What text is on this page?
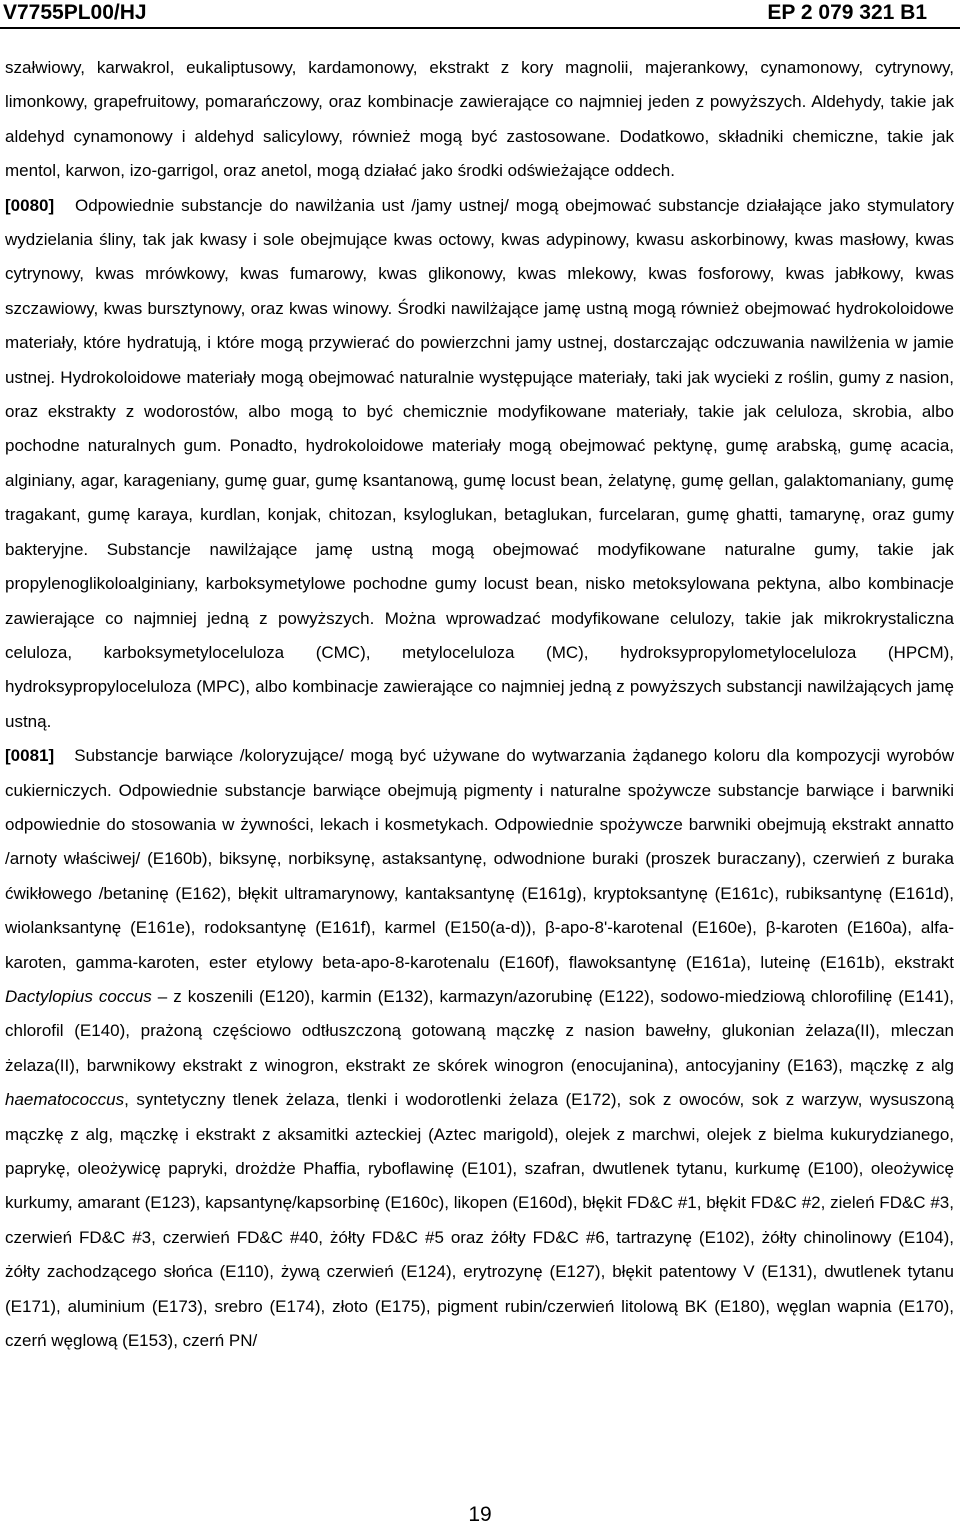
V7755PL00/HJ	EP 2 079 321 B1

szałwiowy, karwakrol, eukaliptusowy, kardamonowy, ekstrakt z kory magnolii, majerankowy, cynamonowy, cytrynowy, limonkowy, grapefruitowy, pomarańczowy, oraz kombinacje zawierające co najmniej jeden z powyższych. Aldehydy, takie jak aldehyd cynamonowy i aldehyd salicylowy, również mogą być zastosowane. Dodatkowo, składniki chemiczne, takie jak mentol, karwon, izo-garrigol, oraz anetol, mogą działać jako środki odświeżające oddech.

[0080] Odpowiednie substancje do nawilżania ust /jamy ustnej/ mogą obejmować substancje działające jako stymulatory wydzielania śliny, tak jak kwasy i sole obejmujące kwas octowy, kwas adypinowy, kwasu askorbinowy, kwas masłowy, kwas cytrynowy, kwas mrówkowy, kwas fumarowy, kwas glikonowy, kwas mlekowy, kwas fosforowy, kwas jabłkowy, kwas szczawiowy, kwas bursztynowy, oraz kwas winowy. Środki nawilżające jamę ustną mogą również obejmować hydrokoloidowe materiały, które hydratują, i które mogą przywierać do powierzchni jamy ustnej, dostarczając odczuwania nawilżenia w jamie ustnej. Hydrokoloidowe materiały mogą obejmować naturalnie występujące materiały, taki jak wycieki z roślin, gumy z nasion, oraz ekstrakty z wodorostów, albo mogą to być chemicznie modyfikowane materiały, takie jak celuloza, skrobia, albo pochodne naturalnych gum. Ponadto, hydrokoloidowe materiały mogą obejmować pektynę, gumę arabską, gumę acacia, alginiany, agar, karageniany, gumę guar, gumę ksantanową, gumę locust bean, żelatynę, gumę gellan, galaktomaniany, gumę tragakant, gumę karaya, kurdlan, konjak, chitozan, ksyloglukan, betaglukan, furcelaran, gumę ghatti, tamarynę, oraz gumy bakteryjne. Substancje nawilżające jamę ustną mogą obejmować modyfikowane naturalne gumy, takie jak propylenoglikoloalginiany, karboksymetylowe pochodne gumy locust bean, nisko metoksylowana pektyna, albo kombinacje zawierające co najmniej jedną z powyższych. Można wprowadzać modyfikowane celulozy, takie jak mikrokrystaliczna celuloza, karboksymetyloceluloza (CMC), metyloceluloza (MC), hydroksypropylometyloceluloza (HPCM), hydroksypropyloceluloza (MPC), albo kombinacje zawierające co najmniej jedną z powyższych substancji nawilżających jamę ustną.

[0081] Substancje barwiące /koloryzujące/ mogą być używane do wytwarzania żądanego koloru dla kompozycji wyrobów cukierniczych. Odpowiednie substancje barwiące obejmują pigmenty i naturalne spożywcze substancje barwiące i barwniki odpowiednie do stosowania w żywności, lekach i kosmetykach. Odpowiednie spożywcze barwniki obejmują ekstrakt annatto /arnoty właściwej/ (E160b), biksynę, norbiksynę, astaksantynę, odwodnione buraki (proszek buraczany), czerwień z buraka ćwikłowego /betaninę (E162), błękit ultramarynowy, kantaksantynę (E161g), kryptoksantynę (E161c), rubiksantynę (E161d), wiolanksantynę (E161e), rodoksantynę (E161f), karmel (E150(a-d)), β-apo-8'-karotenal (E160e), β-karoten (E160a), alfa-karoten, gamma-karoten, ester etylowy beta-apo-8-karotenalu (E160f), flawoksantynę (E161a), luteinę (E161b), ekstrakt Dactylopius coccus – z koszenili (E120), karmin (E132), karmazyn/azorubinę (E122), sodowo-miedziową chlorofilinę (E141), chlorofil (E140), prażoną częściowo odtłuszczoną gotowaną mączkę z nasion bawełny, glukonian żelaza(II), mleczan żelaza(II), barwnikowy ekstrakt z winogron, ekstrakt ze skórek winogron (enocujanina), antocyjaniny (E163), mączkę z alg haematococcus, syntetyczny tlenek żelaza, tlenki i wodorotlenki żelaza (E172), sok z owoców, sok z warzyw, wysuszoną mączkę z alg, mączkę i ekstrakt z aksamitki azteckiej (Aztec marigold), olejek z marchwi, olejek z bielma kukurydzianego, paprykę, oleożywicę papryki, drożdże Phaffia, ryboflawinę (E101), szafran, dwutlenek tytanu, kurkumę (E100), oleożywicę kurkumy, amarant (E123), kapsantynę/kapsorbinę (E160c), likopen (E160d), błękit FD&C #1, błękit FD&C #2, zieleń FD&C #3, czerwień FD&C #3, czerwień FD&C #40, żółty FD&C #5 oraz żółty FD&C #6, tartrazynę (E102), żółty chinolinowy (E104), żółty zachodzącego słońca (E110), żywą czerwień (E124), erytrozynę (E127), błękit patentowy V (E131), dwutlenek tytanu (E171), aluminium (E173), srebro (E174), złoto (E175), pigment rubin/czerwień litolową BK (E180), węglan wapnia (E170), czerń węglową (E153), czerń PN/

19
